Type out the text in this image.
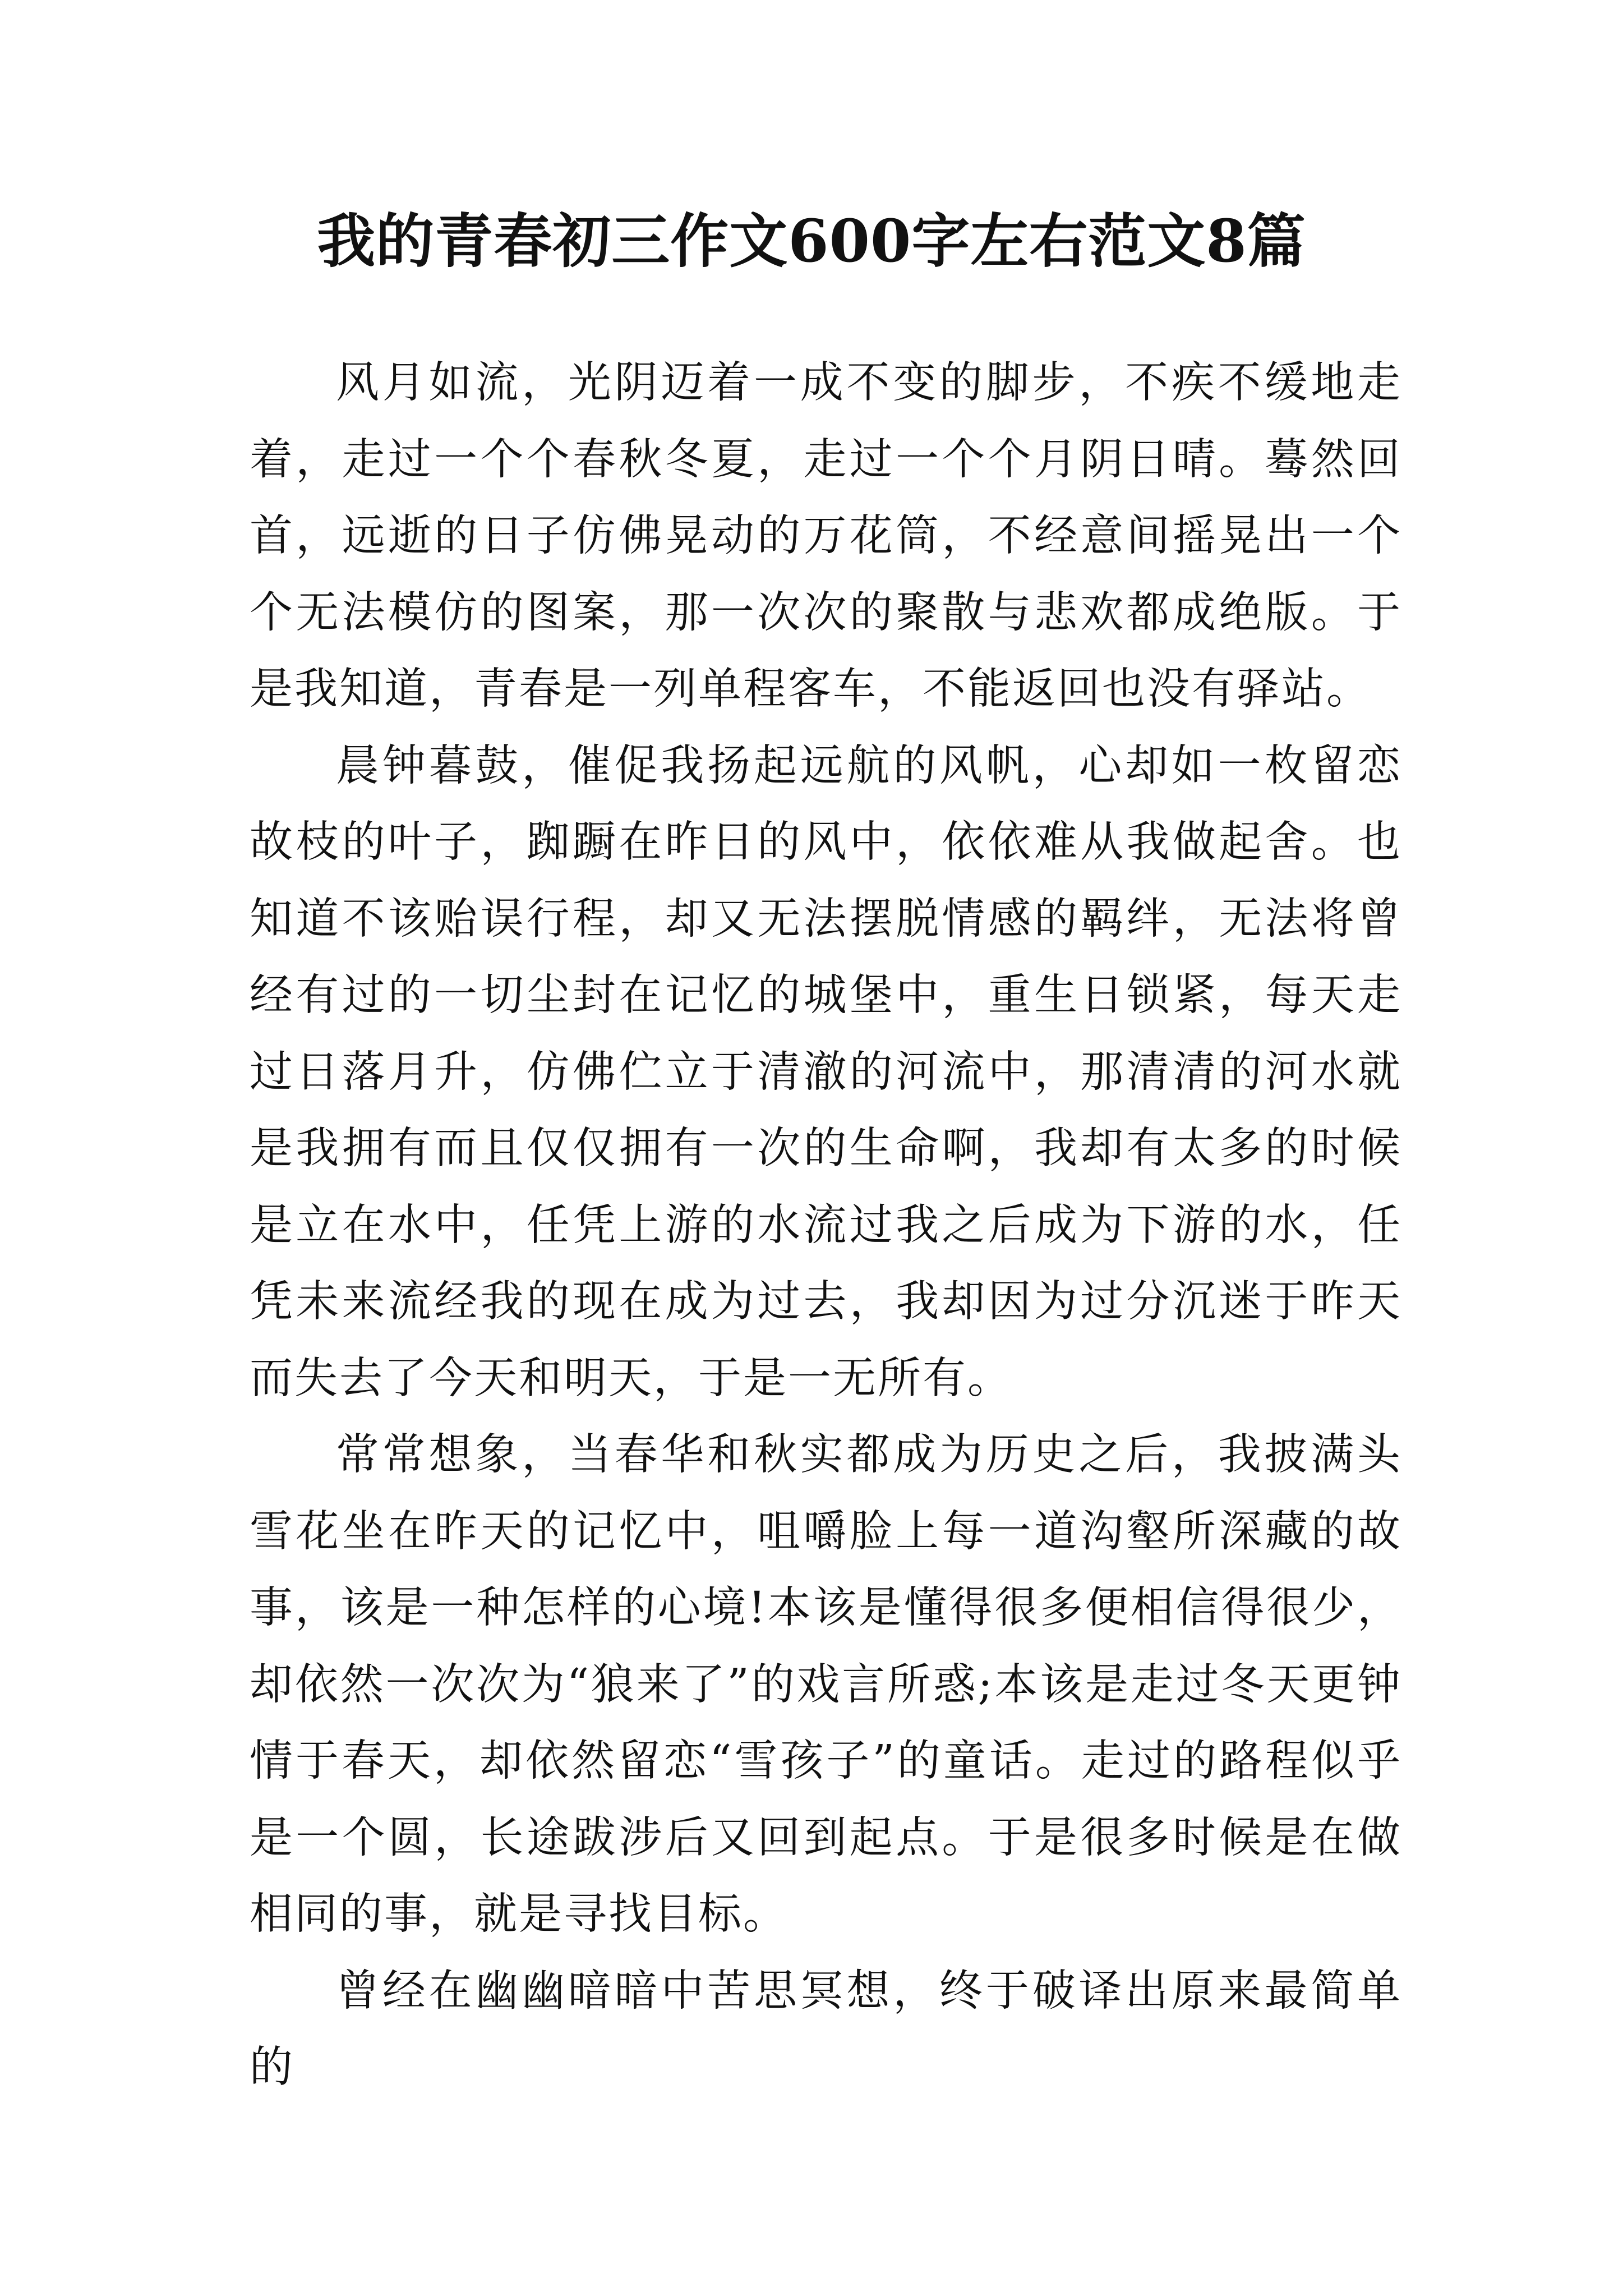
我的青春初三作文600字左右范文8篇

风月如流，光阴迈着一成不变的脚步，不疾不缓地走着，走过一个个春秋冬夏，走过一个个月阴日晴。蓦然回首，远逝的日子仿佛晃动的万花筒，不经意间摇晃出一个个无法模仿的图案，那一次次的聚散与悲欢都成绝版。于是我知道，青春是一列单程客车，不能返回也没有驿站。

晨钟暮鼓，催促我扬起远航的风帆，心却如一枚留恋故枝的叶子，踟蹰在昨日的风中，依依难从我做起舍。也知道不该贻误行程，却又无法摆脱情感的羁绊，无法将曾经有过的一切尘封在记忆的城堡中，重生日锁紧，每天走过日落月升，仿佛伫立于清澈的河流中，那清清的河水就是我拥有而且仅仅拥有一次的生命啊，我却有太多的时候是立在水中，任凭上游的水流过我之后成为下游的水，任凭未来流经我的现在成为过去，我却因为过分沉迷于昨天而失去了今天和明天，于是一无所有。

常常想象，当春华和秋实都成为历史之后，我披满头雪花坐在昨天的记忆中，咀嚼脸上每一道沟壑所深藏的故事，该是一种怎样的心境!本该是懂得很多便相信得很少，却依然一次次为“狼来了”的戏言所惑;本该是走过冬天更钟情于春天，却依然留恋“雪孩子”的童话。走过的路程似乎是一个圆，长途跋涉后又回到起点。于是很多时候是在做相同的事，就是寻找目标。

曾经在幽幽暗暗中苦思冥想，终于破译出原来最简单的
